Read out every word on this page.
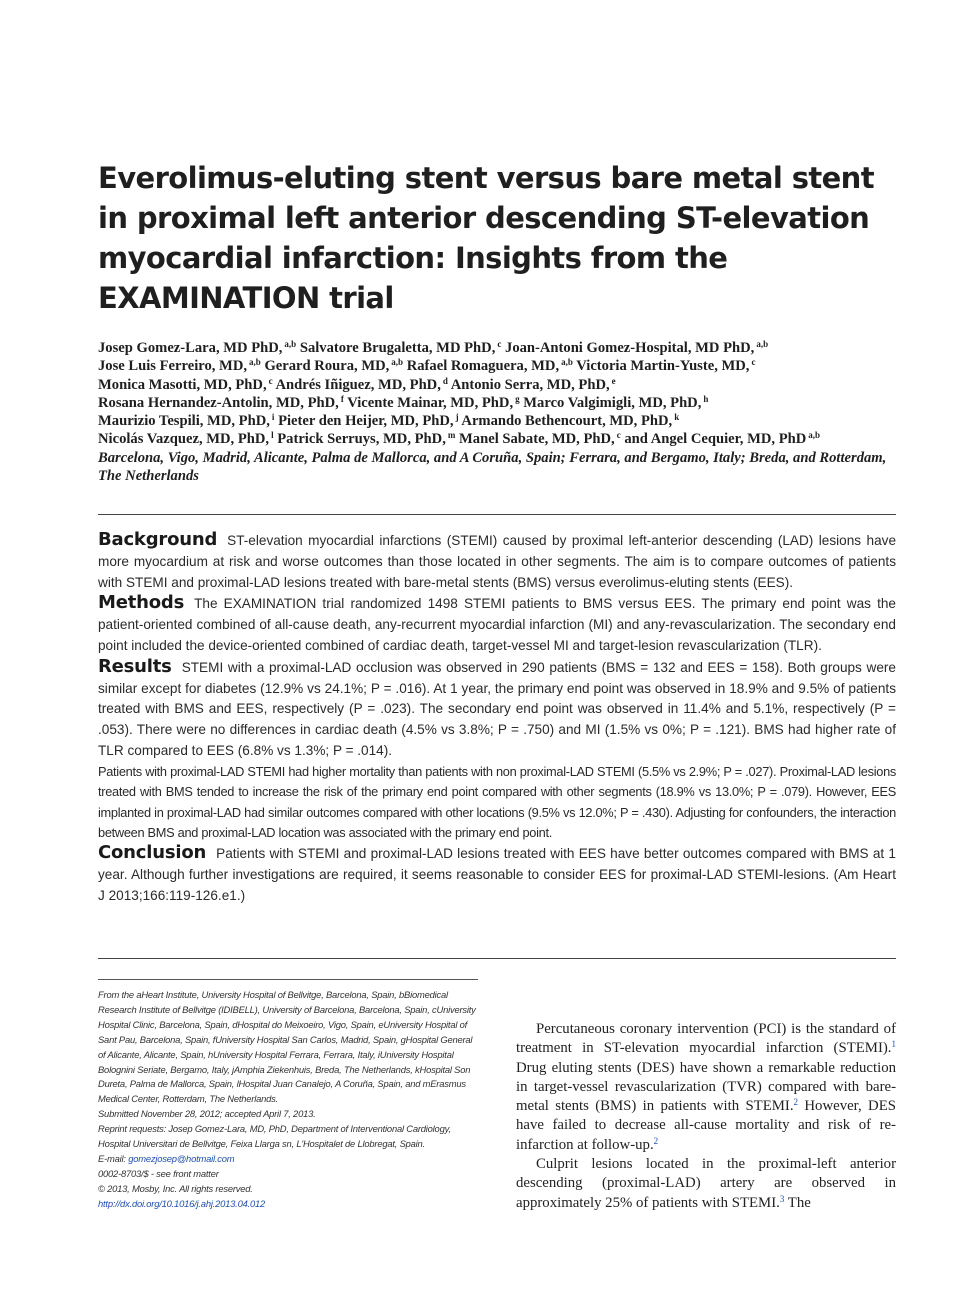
Everolimus-eluting stent versus bare metal stent in proximal left anterior descending ST-elevation myocardial infarction: Insights from the EXAMINATION trial
Josep Gomez-Lara, MD PhD, $^{a,b}$ Salvatore Brugaletta, MD PhD, $^c$ Joan-Antoni Gomez-Hospital, MD PhD, $^{a,b}$
Jose Luis Ferreiro, MD, $^{a,b}$ Gerard Roura, MD, $^{a,b}$ Rafael Romaguera, MD, $^{a,b}$ Victoria Martin-Yuste, MD, $^c$
Monica Masotti, MD, PhD, $^c$ Andrés Iñiguez, MD, PhD, $^d$ Antonio Serra, MD, PhD, $^e$
Rosana Hernandez-Antolin, MD, PhD, $^f$ Vicente Mainar, MD, PhD, $^g$ Marco Valgimigli, MD, PhD, $^h$
Maurizio Tespili, MD, PhD, $^i$ Pieter den Heijer, MD, PhD, $^j$ Armando Bethencourt, MD, PhD, $^k$
Nicolás Vazquez, MD, PhD, $^l$ Patrick Serruys, MD, PhD, $^m$ Manel Sabate, MD, PhD, $^c$ and Angel Cequier, MD, PhD $^{a,b}$
Barcelona, Vigo, Madrid, Alicante, Palma de Mallorca, and A Coruña, Spain; Ferrara, and Bergamo, Italy; Breda, and Rotterdam, The Netherlands

Background ST-elevation myocardial infarctions (STEMI) caused by proximal left-anterior descending (LAD) lesions have more myocardium at risk and worse outcomes than those located in other segments. The aim is to compare outcomes of patients with STEMI and proximal-LAD lesions treated with bare-metal stents (BMS) versus everolimus-eluting stents (EES).

Methods The EXAMINATION trial randomized 1498 STEMI patients to BMS versus EES. The primary end point was the patient-oriented combined of all-cause death, any-recurrent myocardial infarction (MI) and any-revascularization. The secondary end point included the device-oriented combined of cardiac death, target-vessel MI and target-lesion revascularization (TLR).

Results STEMI with a proximal-LAD occlusion was observed in 290 patients (BMS = 132 and EES = 158). Both groups were similar except for diabetes (12.9% vs 24.1%; P = .016). At 1 year, the primary end point was observed in 18.9% and 9.5% of patients treated with BMS and EES, respectively (P = .023). The secondary end point was observed in 11.4% and 5.1%, respectively (P = .053). There were no differences in cardiac death (4.5% vs 3.8%; P = .750) and MI (1.5% vs 0%; P = .121). BMS had higher rate of TLR compared to EES (6.8% vs 1.3%; P = .014).

Patients with proximal-LAD STEMI had higher mortality than patients with non proximal-LAD STEMI (5.5% vs 2.9%; P = .027). Proximal-LAD lesions treated with BMS tended to increase the risk of the primary end point compared with other segments (18.9% vs 13.0%; P = .079). However, EES implanted in proximal-LAD had similar outcomes compared with other locations (9.5% vs 12.0%; P = .430). Adjusting for confounders, the interaction between BMS and proximal-LAD location was associated with the primary end point.

Conclusion Patients with STEMI and proximal-LAD lesions treated with EES have better outcomes compared with BMS at 1 year. Although further investigations are required, it seems reasonable to consider EES for proximal-LAD STEMI-lesions. (Am Heart J 2013;166:119-126.e1.)

From the aHeart Institute, University Hospital of Bellvitge, Barcelona, Spain, bBiomedical Research Institute of Bellvitge (IDIBELL), University of Barcelona, Barcelona, Spain, cUniversity Hospital Clinic, Barcelona, Spain, dHospital do Meixoeiro, Vigo, Spain, eUniversity Hospital of Sant Pau, Barcelona, Spain, fUniversity Hospital San Carlos, Madrid, Spain, gHospital General of Alicante, Alicante, Spain, hUniversity Hospital Ferrara, Ferrara, Italy, iUniversity Hospital Bolognini Seriate, Bergamo, Italy, jAmphia Ziekenhuis, Breda, The Netherlands, kHospital Son Dureta, Palma de Mallorca, Spain, lHospital Juan Canalejo, A Coruña, Spain, and mErasmus Medical Center, Rotterdam, The Netherlands.

Submitted November 28, 2012; accepted April 7, 2013.

Reprint requests: Josep Gomez-Lara, MD, PhD, Department of Interventional Cardiology, Hospital Universitari de Bellvitge, Feixa Llarga sn, L'Hospitalet de Llobregat, Spain.

E-mail: gomezjosep@hotmail.com

0002-8703/$ - see front matter

© 2013, Mosby, Inc. All rights reserved.

http://dx.doi.org/10.1016/j.ahj.2013.04.012

Percutaneous coronary intervention (PCI) is the standard of treatment in ST-elevation myocardial infarction (STEMI).$^1$ Drug eluting stents (DES) have shown a remarkable reduction in target-vessel revascularization (TVR) compared with bare-metal stents (BMS) in patients with STEMI.$^2$ However, DES have failed to decrease all-cause mortality and risk of re-infarction at follow-up.$^2$

Culprit lesions located in the proximal-left anterior descending (proximal-LAD) artery are observed in approximately 25% of patients with STEMI.$^3$ The
